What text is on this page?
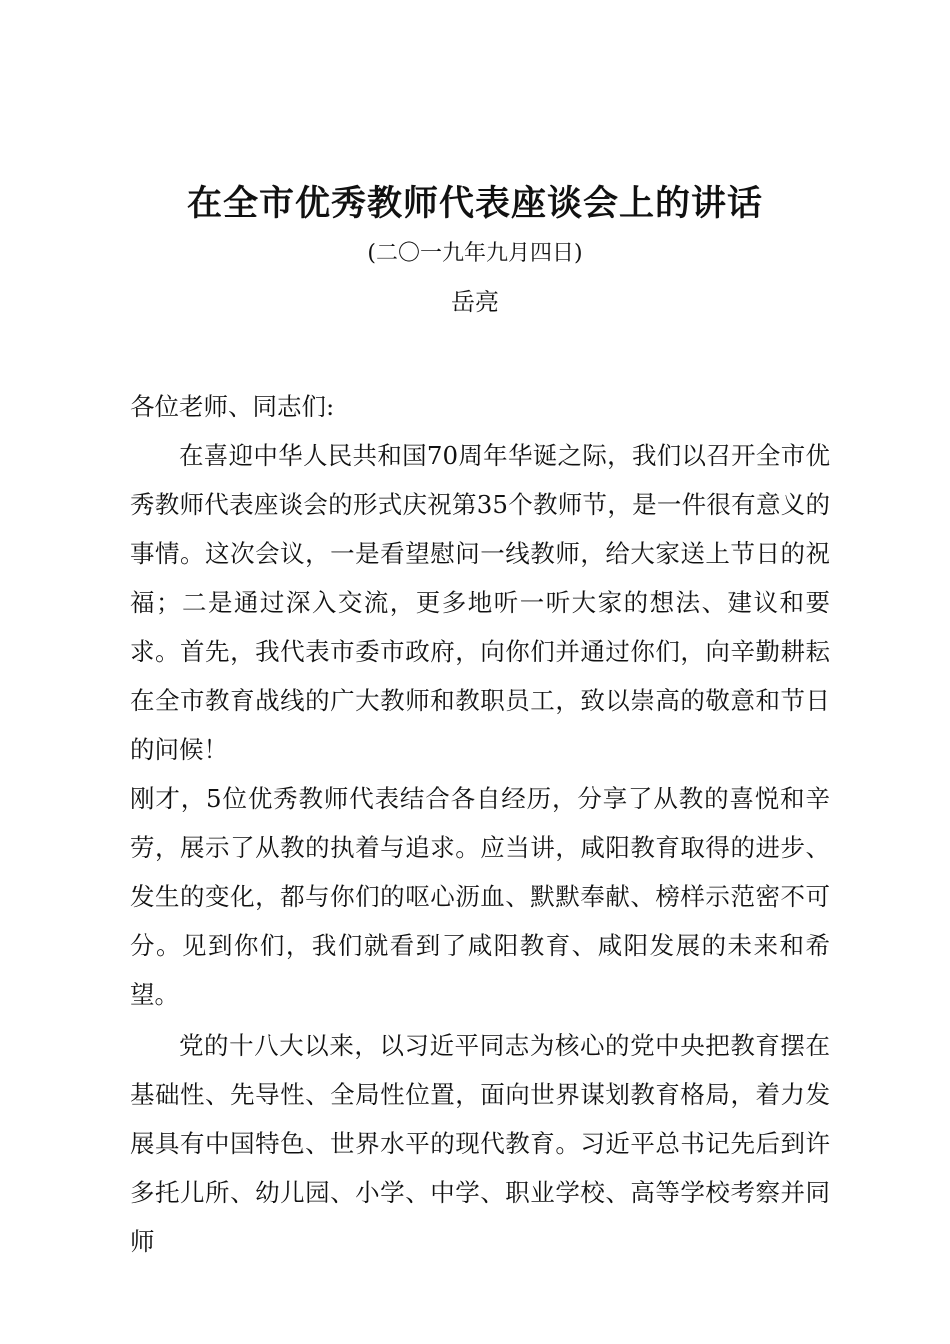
在全市优秀教师代表座谈会上的讲话
(二〇一九年九月四日)
岳亮

各位老师、同志们:

在喜迎中华人民共和国70周年华诞之际，我们以召开全市优秀教师代表座谈会的形式庆祝第35个教师节，是一件很有意义的事情。这次会议，一是看望慰问一线教师，给大家送上节日的祝福；二是通过深入交流，更多地听一听大家的想法、建议和要求。首先，我代表市委市政府，向你们并通过你们，向辛勤耕耘在全市教育战线的广大教师和教职员工，致以崇高的敬意和节日的问候！

刚才，5位优秀教师代表结合各自经历，分享了从教的喜悦和辛劳，展示了从教的执着与追求。应当讲，咸阳教育取得的进步、发生的变化，都与你们的呕心沥血、默默奉献、榜样示范密不可分。见到你们，我们就看到了咸阳教育、咸阳发展的未来和希望。

党的十八大以来，以习近平同志为核心的党中央把教育摆在基础性、先导性、全局性位置，面向世界谋划教育格局，着力发展具有中国特色、世界水平的现代教育。习近平总书记先后到许多托儿所、幼儿园、小学、中学、职业学校、高等学校考察并同师
